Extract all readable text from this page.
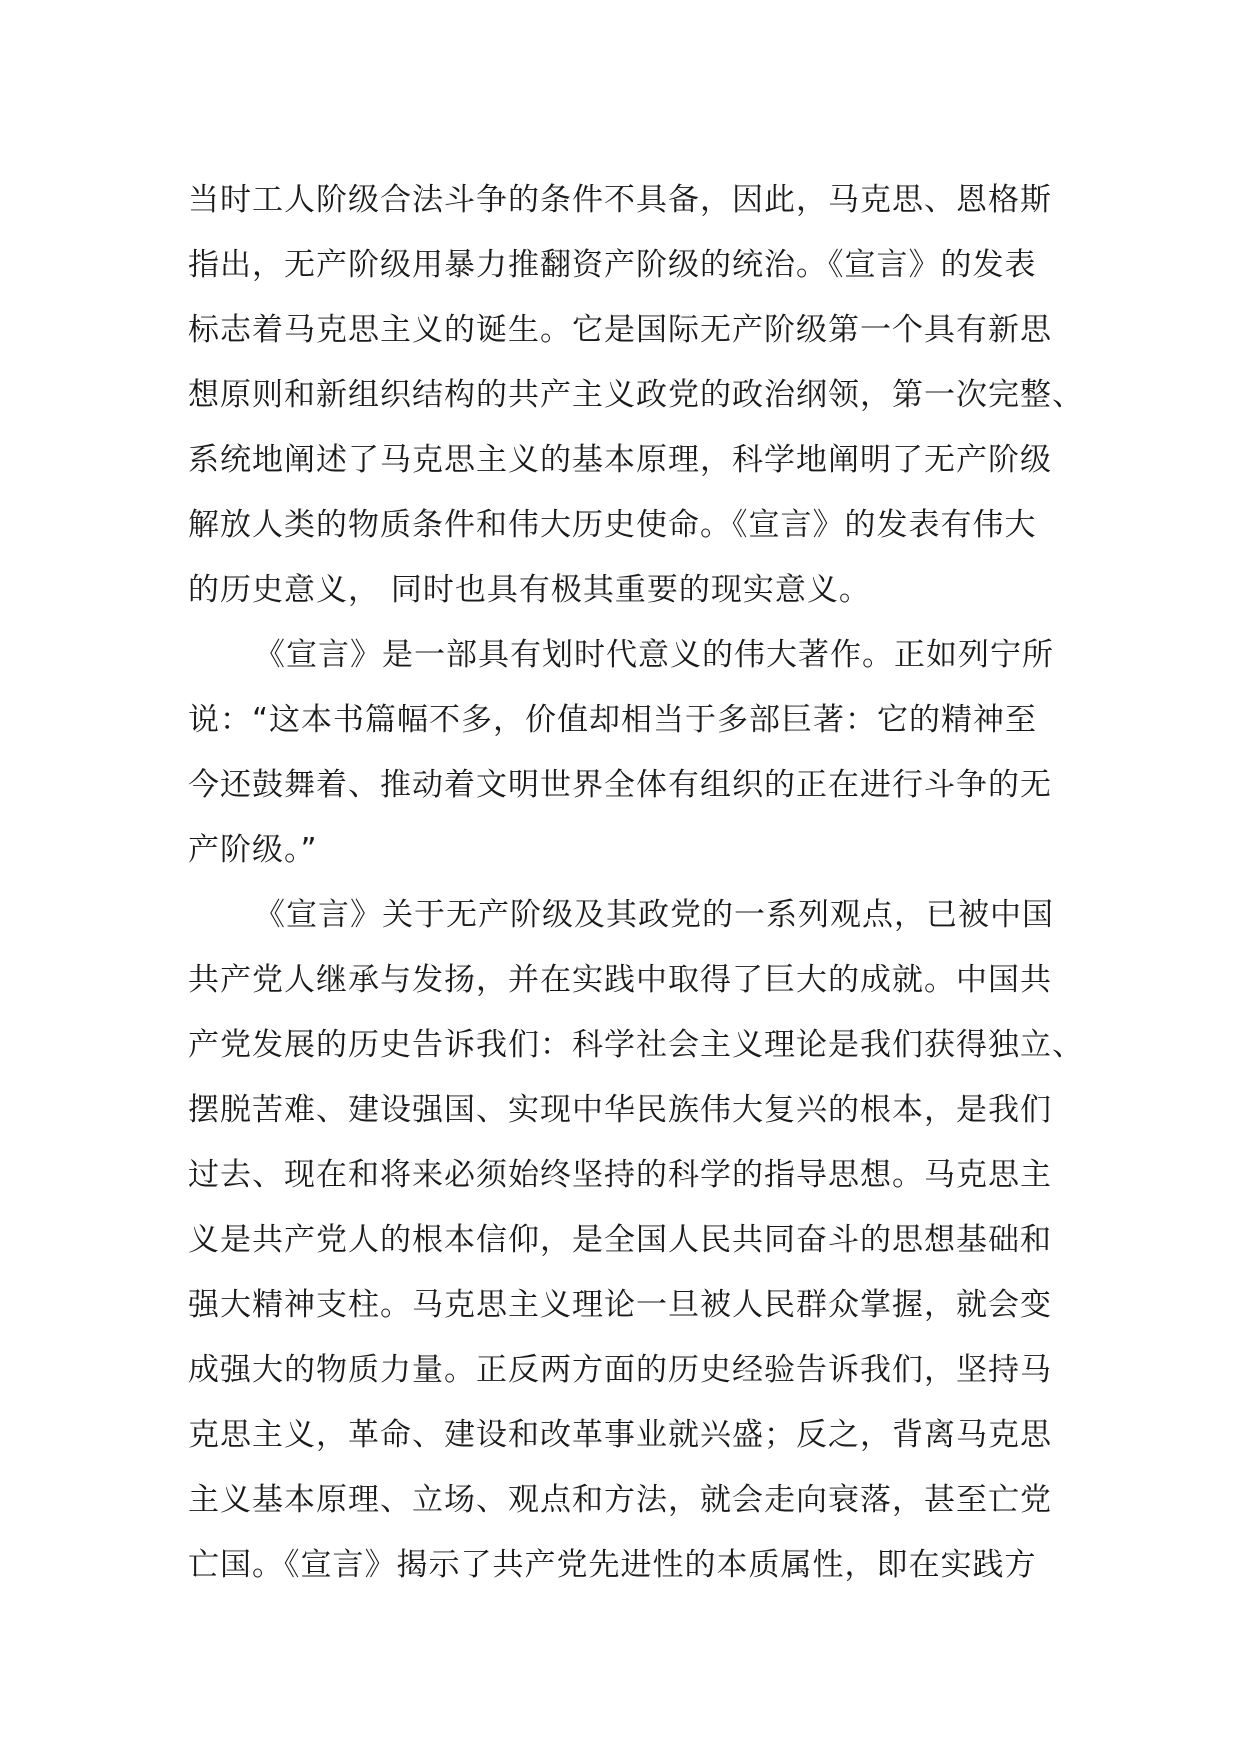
当时工人阶级合法斗争的条件不具备，因此，马克思、恩格斯
指出，无产阶级用暴力推翻资产阶级的统治。《宣言》的发表
标志着马克思主义的诞生。它是国际无产阶级第一个具有新思
想原则和新组织结构的共产主义政党的政治纲领，第一次完整、
系统地阐述了马克思主义的基本原理，科学地阐明了无产阶级
解放人类的物质条件和伟大历史使命。《宣言》的发表有伟大
的历史意义， 同时也具有极其重要的现实意义。
《宣言》是一部具有划时代意义的伟大著作。正如列宁所
说：“这本书篇幅不多，价值却相当于多部巨著：它的精神至
今还鼓舞着、推动着文明世界全体有组织的正在进行斗争的无
产阶级。”
《宣言》关于无产阶级及其政党的一系列观点，已被中国
共产党人继承与发扬，并在实践中取得了巨大的成就。中国共
产党发展的历史告诉我们：科学社会主义理论是我们获得独立、
摆脱苦难、建设强国、实现中华民族伟大复兴的根本，是我们
过去、现在和将来必须始终坚持的科学的指导思想。马克思主
义是共产党人的根本信仰，是全国人民共同奋斗的思想基础和
强大精神支柱。马克思主义理论一旦被人民群众掌握，就会变
成强大的物质力量。正反两方面的历史经验告诉我们，坚持马
克思主义，革命、建设和改革事业就兴盛；反之，背离马克思
主义基本原理、立场、观点和方法，就会走向衰落，甚至亡党
亡国。《宣言》揭示了共产党先进性的本质属性，即在实践方
